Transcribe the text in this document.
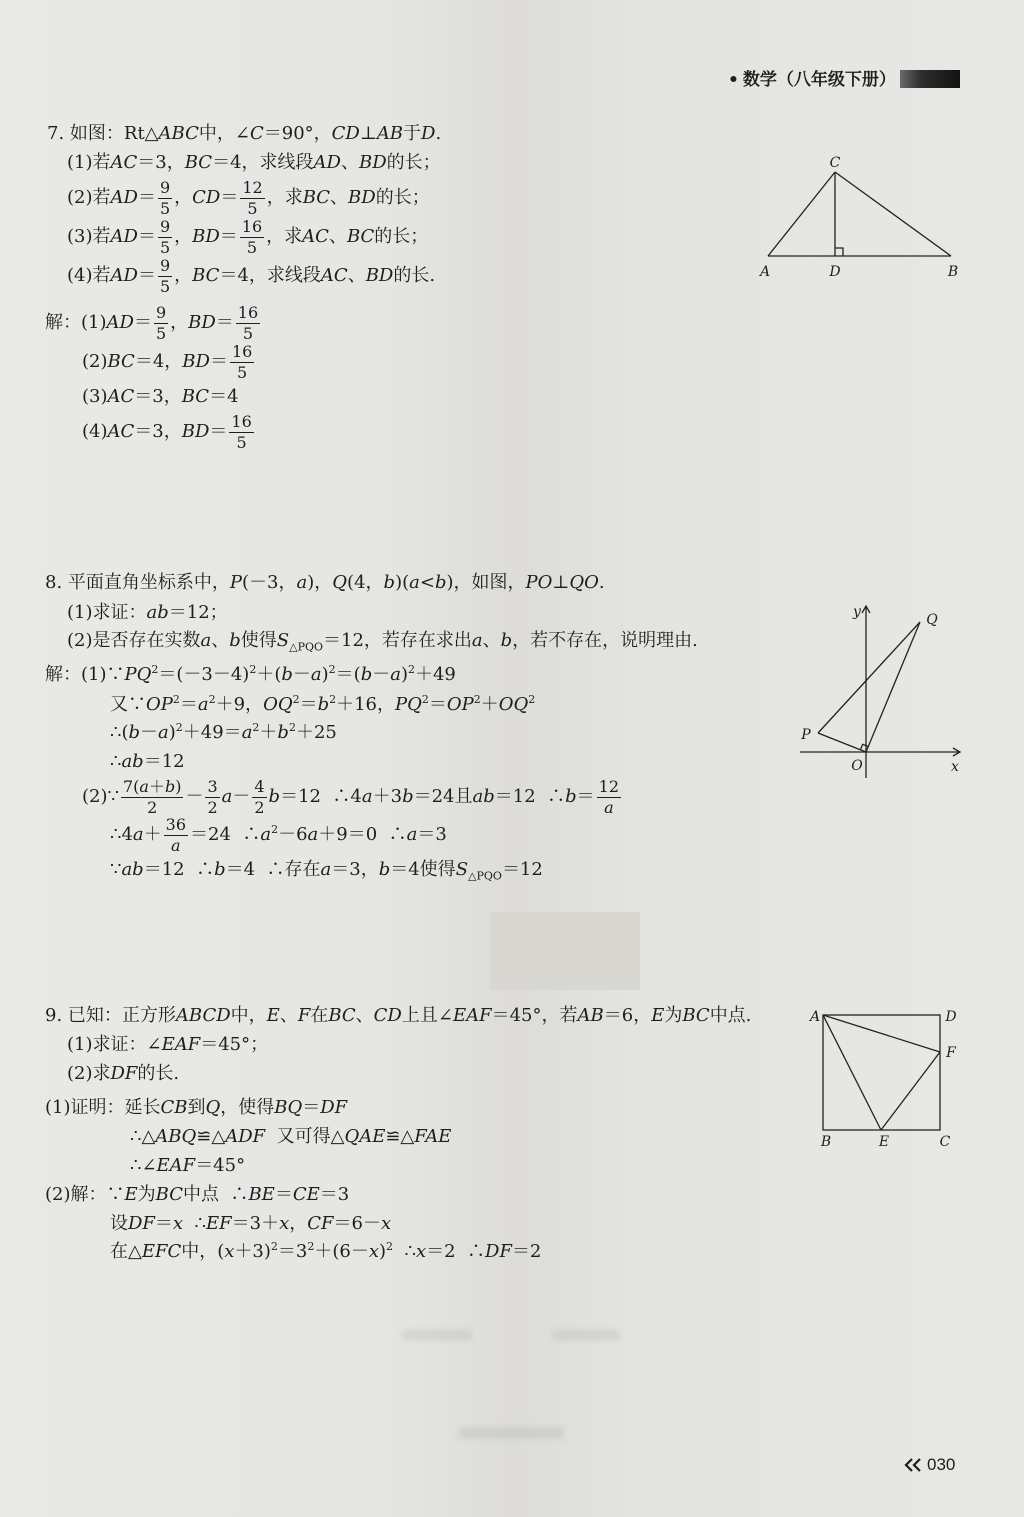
• 数学（八年级下册）
7. 如图：Rt△ABC中，∠C＝90°，CD⊥AB于D.
(1)若AC＝3，BC＝4，求线段AD、BD的长；
(2)若$AD= \frac{9}{5}$ ，$CD= \frac{12}{5}$ ，求BC、BD的长；
(3)若$AD= \frac{9}{5}$ ，$BD= \frac{16}{5}$ ，求AC、BC的长；
(4)若$AD= \frac{9}{5}$ ，BC＝4，求线段AC、BD的长.
解：$(1)AD= \frac{9}{5}$ ，$BD= \frac{16}{5}$
(2)BC＝4，$BD= \frac{16}{5}$
(3)AC＝3，BC＝4
(4)AC＝3，$BD= \frac{16}{5}$
C
A	D	B
8. 平面直角坐标系中，P(－3，a)，Q(4，b)(a<b)，如图，PO⊥QO.
(1)求证：ab＝12；
(2)是否存在实数a、b使得$S_{\triangle PQO}=12$，若存在求出a、b，若不存在，说明理由.
解：$(1)\because PQ^2=(-3-4)^2+(b-a)^2=(b-a)^2+49$
又$\because OP^2=a^2+9$，$OQ^2=b^2+16$，$PQ^2=OP^2+OQ^2$
$\therefore(b-a)^2+49=a^2+b^2+25$
∴ab＝12
(2)∵ $\frac{7(a+b)}{2} - \frac{3}{2} a- \frac{4}{2} b=12$  ∴4a＋3b＝24且ab＝12  ∴b＝ $\frac{12}{a}$
∴4a＋ $\frac{36}{a} =24$  $\therefore a^2-6a+9=0$  ∴a＝3
∵ab＝12  ∴b＝4  ∴存在a＝3，b＝4使得$S_{\triangle PQO}=12$
y
x
O
P
Q
9. 已知：正方形ABCD中，E、F在BC、CD上且∠EAF＝45°，若AB＝6，E为BC中点.
(1)求证：∠EAF＝45°；
(2)求DF的长.
(1)证明：延长CB到Q，使得BQ＝DF
∴△ABQ≌△ADF  又可得△QAE≌△FAE
∴∠EAF＝45°
(2)解：∵E为BC中点  ∴BE＝CE＝3
设DF＝x  ∴EF＝3＋x，CF＝6－x
在△EFC中，$(x+3)^2=3^2+(6-x)^2$  ∴x＝2  ∴DF＝2
A	D
F
B	E	C
030
